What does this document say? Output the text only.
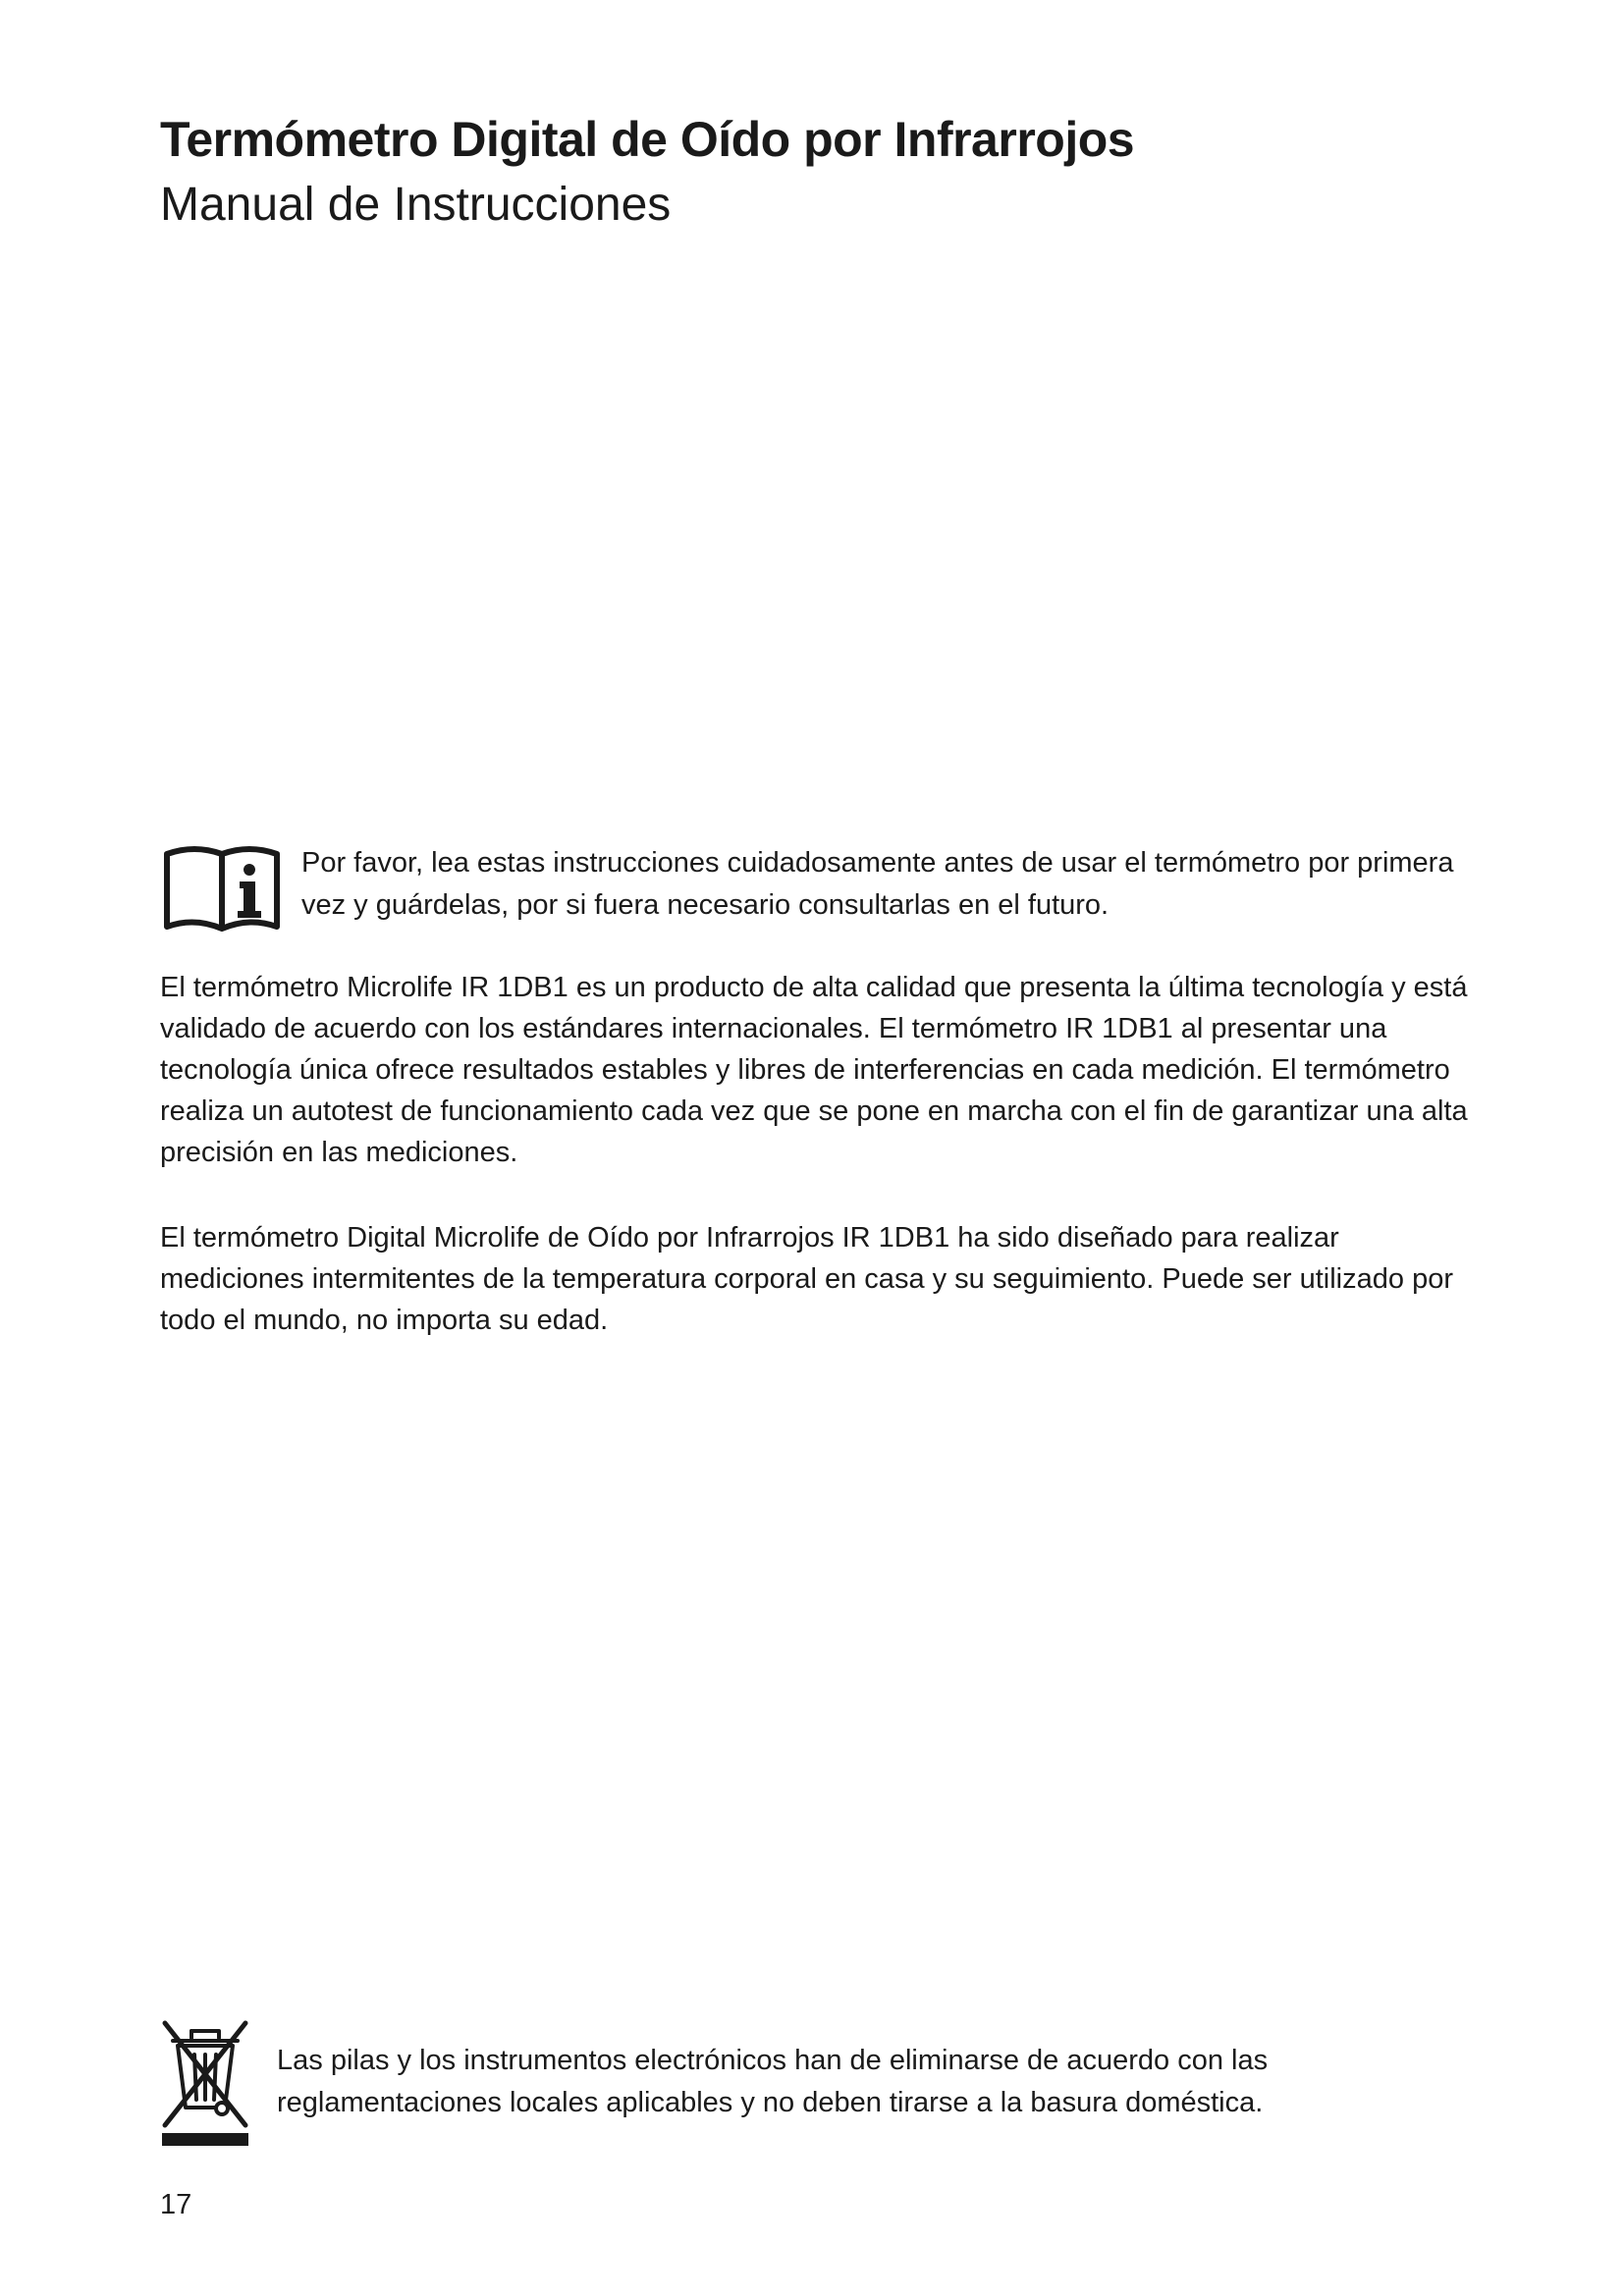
Termómetro Digital de Oído por Infrarrojos
Manual de Instrucciones

Por favor, lea estas instrucciones cuidadosamente antes de usar el termómetro por primera vez y guárdelas, por si fuera necesario consultarlas en el futuro.

El termómetro Microlife IR 1DB1 es un producto de alta calidad que presenta la última tecnología y está validado de acuerdo con los estándares internacionales. El termómetro IR 1DB1 al presentar una tecnología única ofrece resultados estables y libres de interferencias en cada medición. El termómetro realiza un autotest de funcionamiento cada vez que se pone en marcha con el fin de garantizar una alta precisión en las mediciones.

El termómetro Digital Microlife de Oído por Infrarrojos IR 1DB1 ha sido diseñado para realizar mediciones intermitentes de la temperatura corporal en casa y su seguimiento. Puede ser utilizado por todo el mundo, no importa su edad.

Las pilas y los instrumentos electrónicos han de eliminarse de acuerdo con las reglamentaciones locales aplicables y no deben tirarse a la basura doméstica.

17
